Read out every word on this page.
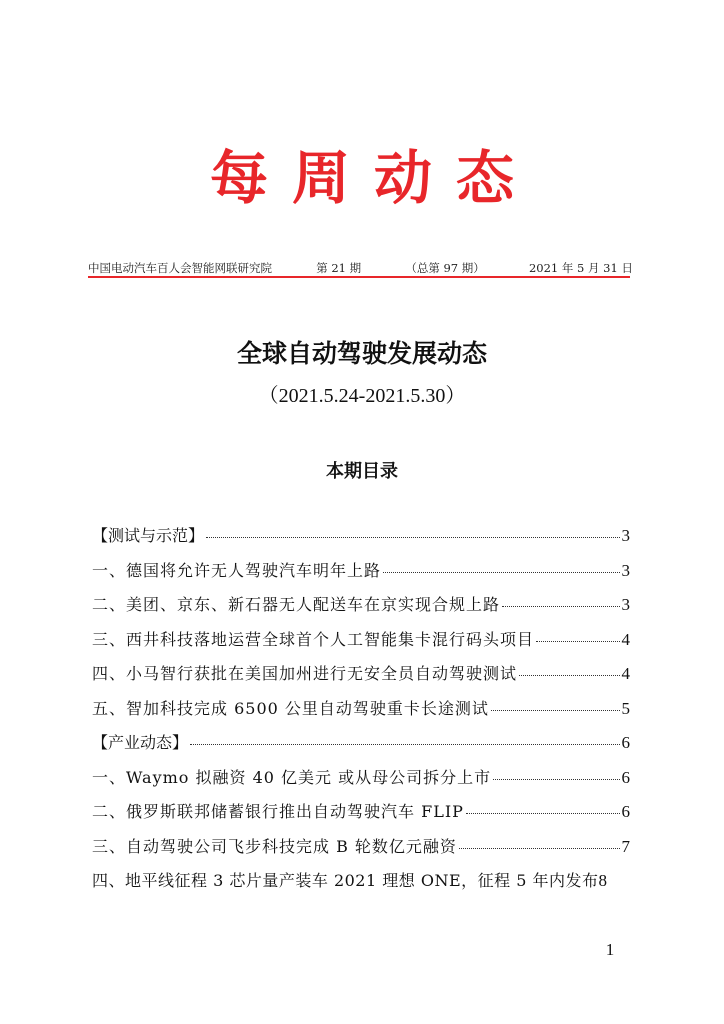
每周动态
中国电动汽车百人会智能网联研究院	第 21 期	（总第 97 期）	2021 年 5 月 31 日
全球自动驾驶发展动态
（2021.5.24-2021.5.30）
本期目录
【测试与示范】	3
一、德国将允许无人驾驶汽车明年上路	3
二、美团、京东、新石器无人配送车在京实现合规上路	3
三、西井科技落地运营全球首个人工智能集卡混行码头项目	4
四、小马智行获批在美国加州进行无安全员自动驾驶测试	4
五、智加科技完成 6500 公里自动驾驶重卡长途测试	5
【产业动态】	6
一、Waymo 拟融资 40 亿美元 或从母公司拆分上市	6
二、俄罗斯联邦储蓄银行推出自动驾驶汽车 FLIP	6
三、自动驾驶公司飞步科技完成 B 轮数亿元融资	7
四、地平线征程 3 芯片量产装车 2021 理想 ONE，征程 5 年内发布 8
1
